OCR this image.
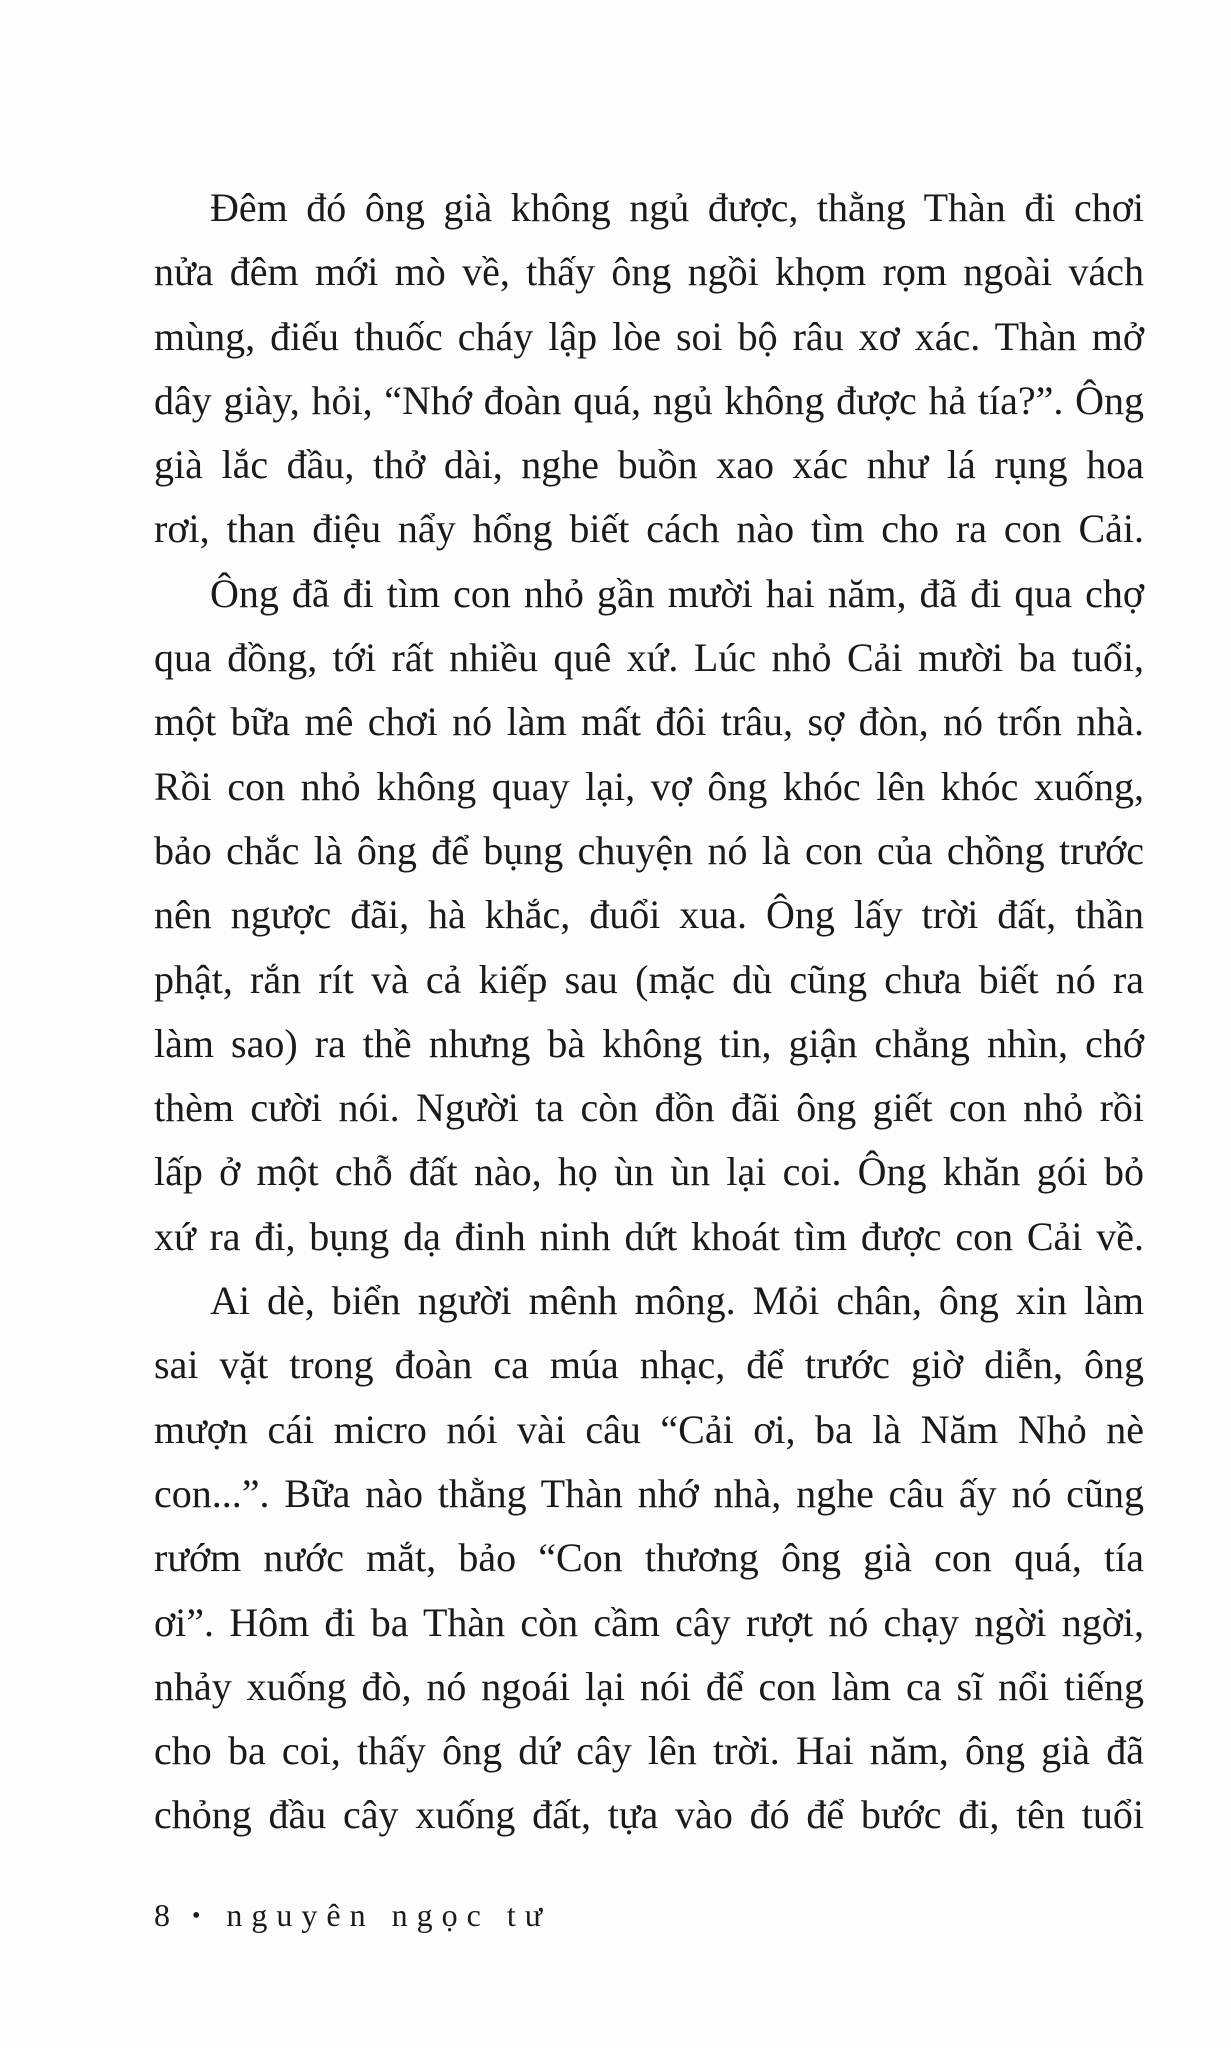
Đêm đó ông già không ngủ được, thằng Thàn đi chơi
nửa đêm mới mò về, thấy ông ngồi khọm rọm ngoài vách
mùng, điếu thuốc cháy lập lòe soi bộ râu xơ xác. Thàn mở
dây giày, hỏi, “Nhớ đoàn quá, ngủ không được hả tía?”. Ông
già lắc đầu, thở dài, nghe buồn xao xác như lá rụng hoa
rơi, than điệu nẩy hổng biết cách nào tìm cho ra con Cải.

Ông đã đi tìm con nhỏ gần mười hai năm, đã đi qua chợ
qua đồng, tới rất nhiều quê xứ. Lúc nhỏ Cải mười ba tuổi,
một bữa mê chơi nó làm mất đôi trâu, sợ đòn, nó trốn nhà.
Rồi con nhỏ không quay lại, vợ ông khóc lên khóc xuống,
bảo chắc là ông để bụng chuyện nó là con của chồng trước
nên ngược đãi, hà khắc, đuổi xua. Ông lấy trời đất, thần
phật, rắn rít và cả kiếp sau (mặc dù cũng chưa biết nó ra
làm sao) ra thề nhưng bà không tin, giận chẳng nhìn, chớ
thèm cười nói. Người ta còn đồn đãi ông giết con nhỏ rồi
lấp ở một chỗ đất nào, họ ùn ùn lại coi. Ông khăn gói bỏ
xứ ra đi, bụng dạ đinh ninh dứt khoát tìm được con Cải về.

Ai dè, biển người mênh mông. Mỏi chân, ông xin làm
sai vặt trong đoàn ca múa nhạc, để trước giờ diễn, ông
mượn cái micro nói vài câu “Cải ơi, ba là Năm Nhỏ nè
con...”. Bữa nào thằng Thàn nhớ nhà, nghe câu ấy nó cũng
rướm nước mắt, bảo “Con thương ông già con quá, tía
ơi”. Hôm đi ba Thàn còn cầm cây rượt nó chạy ngời ngời,
nhảy xuống đò, nó ngoái lại nói để con làm ca sĩ nổi tiếng
cho ba coi, thấy ông dứ cây lên trời. Hai năm, ông già đã
chỏng đầu cây xuống đất, tựa vào đó để bước đi, tên tuổi

8 • nguyên ngọc tư
